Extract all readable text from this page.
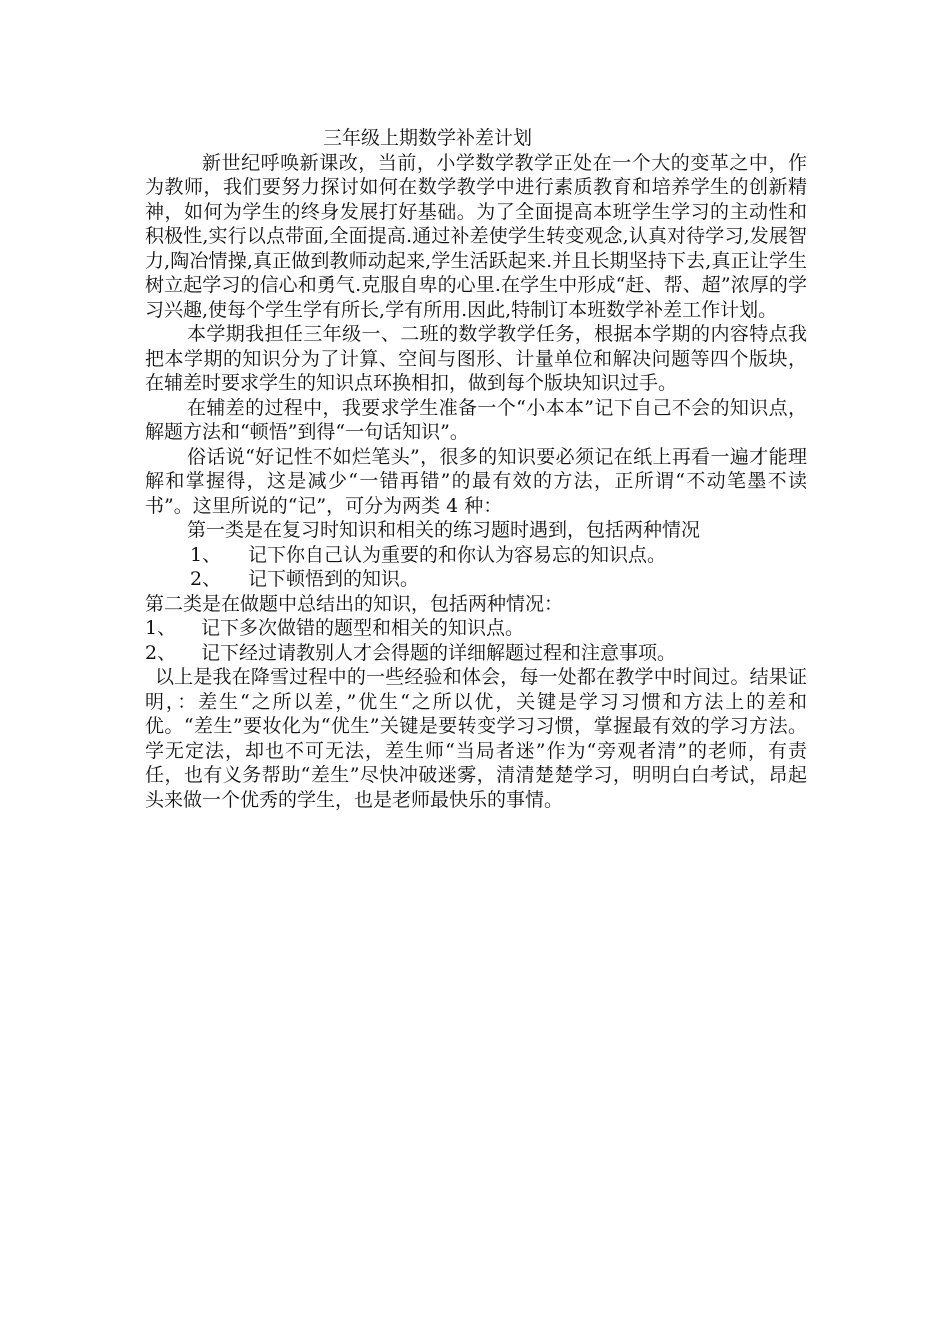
三年级上期数学补差计划

新世纪呼唤新课改，当前，小学数学教学正处在一个大的变革之中，作为教师，我们要努力探讨如何在数学教学中进行素质教育和培养学生的创新精神，如何为学生的终身发展打好基础。为了全面提高本班学生学习的主动性和积极性,实行以点带面,全面提高.通过补差使学生转变观念,认真对待学习,发展智力,陶冶情操,真正做到教师动起来,学生活跃起来.并且长期坚持下去,真正让学生树立起学习的信心和勇气.克服自卑的心里.在学生中形成“赶、帮、超”浓厚的学习兴趣,使每个学生学有所长,学有所用.因此,特制订本班数学补差工作计划。

本学期我担任三年级一、二班的数学教学任务，根据本学期的内容特点我把本学期的知识分为了计算、空间与图形、计量单位和解决问题等四个版块，在辅差时要求学生的知识点环换相扣，做到每个版块知识过手。

在辅差的过程中，我要求学生准备一个“小本本”记下自己不会的知识点，解题方法和“顿悟”到得“一句话知识”。

俗话说“好记性不如烂笔头”，很多的知识要必须记在纸上再看一遍才能理解和掌握得，这是减少“一错再错”的最有效的方法，正所谓“不动笔墨不读书”。这里所说的“记”，可分为两类 4 种：

第一类是在复习时知识和相关的练习题时遇到，包括两种情况

1、 记下你自己认为重要的和你认为容易忘的知识点。

2、 记下顿悟到的知识。

第二类是在做题中总结出的知识，包括两种情况：

1、 记下多次做错的题型和相关的知识点。

2、 记下经过请教别人才会得题的详细解题过程和注意事项。

以上是我在降雪过程中的一些经验和体会，每一处都在教学中时间过。结果证明，：差生“之所以差，”优生“之所以优，关键是学习习惯和方法上的差和优。“差生”要妆化为“优生”关键是要转变学习习惯，掌握最有效的学习方法。学无定法，却也不可无法，差生师“当局者迷”作为“旁观者清”的老师，有责任，也有义务帮助“差生”尽快冲破迷雾，清清楚楚学习，明明白白考试，昂起头来做一个优秀的学生，也是老师最快乐的事情。
